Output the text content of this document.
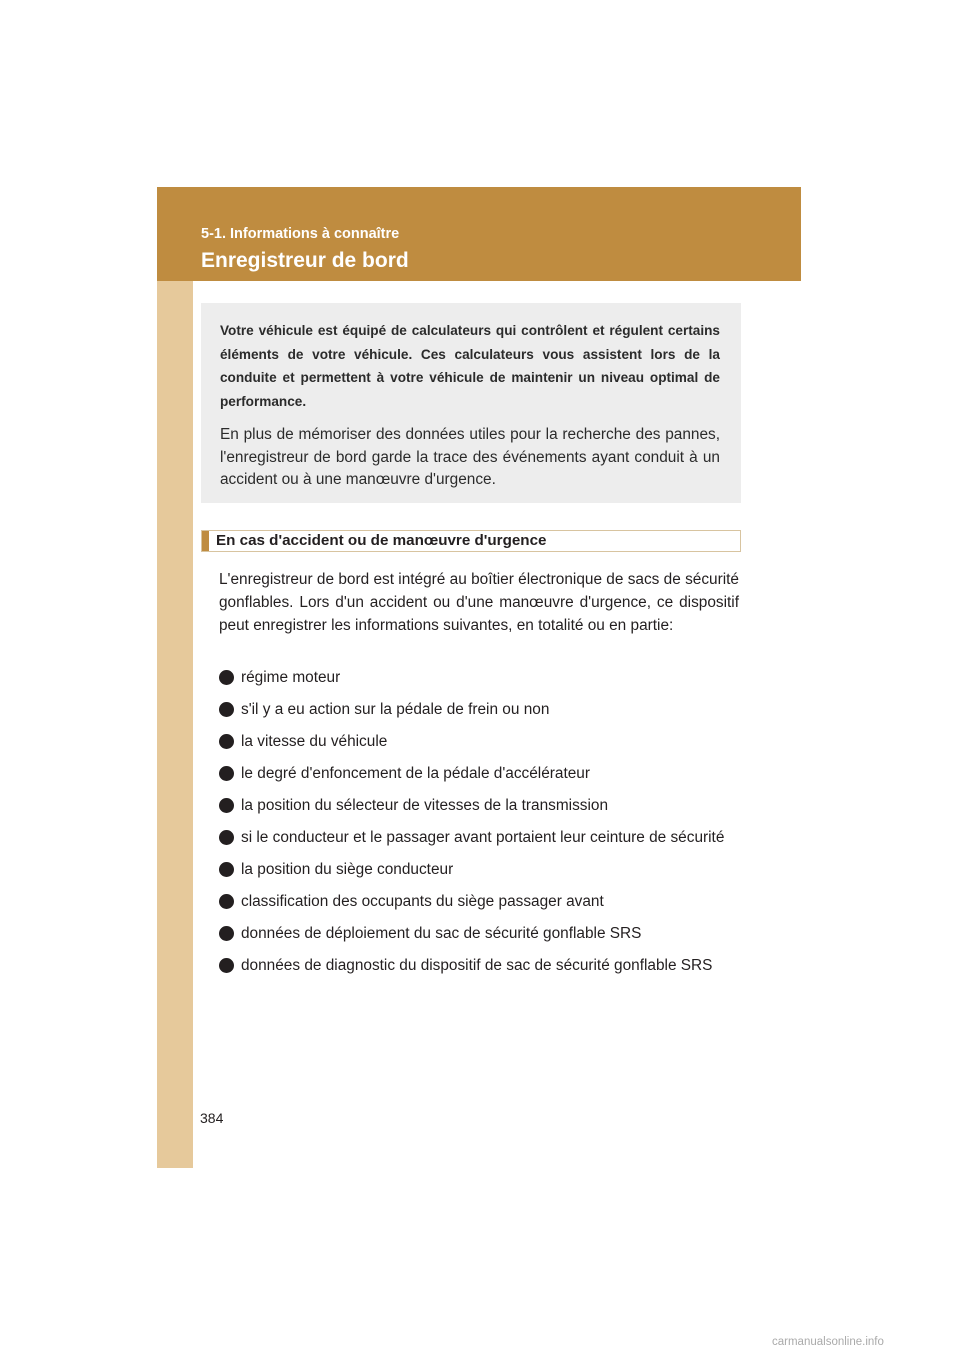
5-1. Informations à connaître
Enregistreur de bord

Votre véhicule est équipé de calculateurs qui contrôlent et régulent certains éléments de votre véhicule. Ces calculateurs vous assistent lors de la conduite et permettent à votre véhicule de maintenir un niveau optimal de performance.

En plus de mémoriser des données utiles pour la recherche des pannes, l'enregistreur de bord garde la trace des événements ayant conduit à un accident ou à une manœuvre d'urgence.

En cas d'accident ou de manœuvre d'urgence

L'enregistreur de bord est intégré au boîtier électronique de sacs de sécurité gonflables. Lors d'un accident ou d'une manœuvre d'urgence, ce dispositif peut enregistrer les informations suivantes, en totalité ou en partie:

régime moteur
s'il y a eu action sur la pédale de frein ou non
la vitesse du véhicule
le degré d'enfoncement de la pédale d'accélérateur
la position du sélecteur de vitesses de la transmission
si le conducteur et le passager avant portaient leur ceinture de sécurité
la position du siège conducteur
classification des occupants du siège passager avant
données de déploiement du sac de sécurité gonflable SRS
données de diagnostic du dispositif de sac de sécurité gonflable SRS
384
carmanualsonline.info
